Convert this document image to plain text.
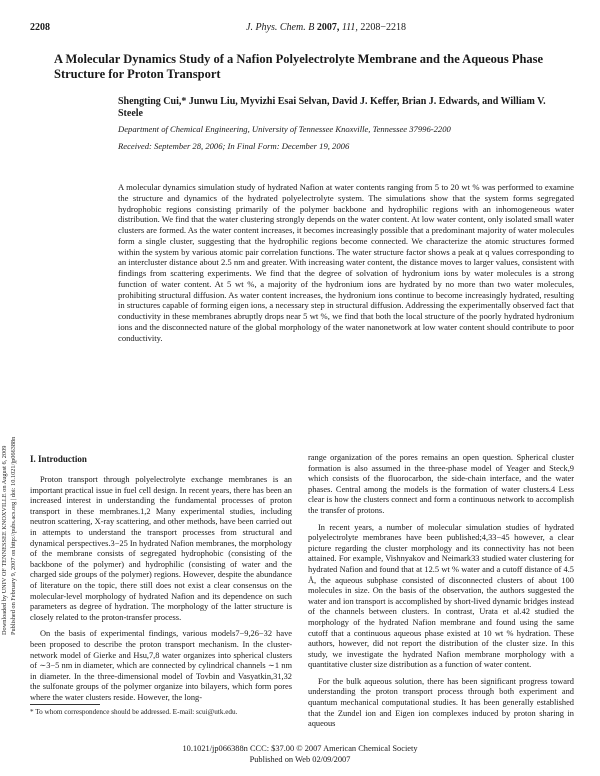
2208	J. Phys. Chem. B 2007, 111, 2208−2218
A Molecular Dynamics Study of a Nafion Polyelectrolyte Membrane and the Aqueous Phase Structure for Proton Transport
Shengting Cui,* Junwu Liu, Myvizhi Esai Selvan, David J. Keffer, Brian J. Edwards, and William V. Steele
Department of Chemical Engineering, University of Tennessee Knoxville, Tennessee 37996-2200
Received: September 28, 2006; In Final Form: December 19, 2006
A molecular dynamics simulation study of hydrated Nafion at water contents ranging from 5 to 20 wt % was performed to examine the structure and dynamics of the hydrated polyelectrolyte system. The simulations show that the system forms segregated hydrophobic regions consisting primarily of the polymer backbone and hydrophilic regions with an inhomogeneous water distribution. We find that the water clustering strongly depends on the water content. At low water content, only isolated small water clusters are formed. As the water content increases, it becomes increasingly possible that a predominant majority of water molecules form a single cluster, suggesting that the hydrophilic regions become connected. We characterize the atomic structures formed within the system by various atomic pair correlation functions. The water structure factor shows a peak at q values corresponding to an intercluster distance about 2.5 nm and greater. With increasing water content, the distance moves to larger values, consistent with findings from scattering experiments. We find that the degree of solvation of hydronium ions by water molecules is a strong function of water content. At 5 wt %, a majority of the hydronium ions are hydrated by no more than two water molecules, prohibiting structural diffusion. As water content increases, the hydronium ions continue to become increasingly hydrated, resulting in structures capable of forming eigen ions, a necessary step in structural diffusion. Addressing the experimentally observed fact that conductivity in these membranes abruptly drops near 5 wt %, we find that both the local structure of the poorly hydrated hydronium ions and the disconnected nature of the global morphology of the water nanonetwork at low water content should contribute to poor conductivity.
Downloaded by UNIV OF TENNESSEE KNOXVILLE on August 6, 2009 Published on February 9, 2007 on http://pubs.acs.org | doi: 10.1021/jp066388n	I. Introduction

Proton transport through polyelectrolyte exchange membranes is an important practical issue in fuel cell design. In recent years, there has been an increased interest in understanding the fundamental processes of proton transport in these membranes.1,2 Many experimental studies, including neutron scattering, X-ray scattering, and other methods, have been carried out in attempts to understand the transport processes from structural and dynamical perspectives.3−25 In hydrated Nafion membranes, the morphology of the membrane consists of segregated hydrophobic (consisting of the backbone of the polymer) and hydrophilic (consisting of water and the charged side groups of the polymer) regions. However, despite the abundance of literature on the topic, there still does not exist a clear consensus on the molecular-level morphology of hydrated Nafion and its dependence on such parameters as degree of hydration. The morphology of the latter structure is closely related to the proton-transfer process.

On the basis of experimental findings, various models7−9,26−32 have been proposed to describe the proton transport mechanism. In the cluster-network model of Gierke and Hsu,7,8 water organizes into spherical clusters of ∼3−5 nm in diameter, which are connected by cylindrical channels ∼1 nm in diameter. In the three-dimensional model of Tovbin and Vasyatkin,31,32 the sulfonate groups of the polymer organize into bilayers, which form pores where the water clusters reside. However, the long-

range organization of the pores remains an open question. Spherical cluster formation is also assumed in the three-phase model of Yeager and Steck,9 which consists of the fluorocarbon, the side-chain interface, and the water phases. Central among the models is the formation of water clusters.4 Less clear is how the clusters connect and form a continuous network to accomplish the transfer of protons.

In recent years, a number of molecular simulation studies of hydrated polyelectrolyte membranes have been published;4,33−45 however, a clear picture regarding the cluster morphology and its connectivity has not been attained. For example, Vishnyakov and Neimark33 studied water clustering for hydrated Nafion and found that at 12.5 wt % water and a cutoff distance of 4.5 Å, the aqueous subphase consisted of disconnected clusters of about 100 molecules in size. On the basis of the observation, the authors suggested the water and ion transport is accomplished by short-lived dynamic bridges instead of the channels between clusters. In contrast, Urata et al.42 studied the morphology of the hydrated Nafion membrane and found using the same cutoff that a continuous aqueous phase existed at 10 wt % hydration. These authors, however, did not report the distribution of the cluster size. In this study, we investigate the hydrated Nafion membrane morphology with a quantitative cluster size distribution as a function of water content.

For the bulk aqueous solution, there has been significant progress toward understanding the proton transport process through both experiment and quantum mechanical computational studies. It has been generally established that the Zundel ion and Eigen ion complexes induced by proton sharing in aqueous

* To whom correspondence should be addressed. E-mail: scui@utk.edu.
10.1021/jp066388n CCC: $37.00 © 2007 American Chemical Society
Published on Web 02/09/2007
